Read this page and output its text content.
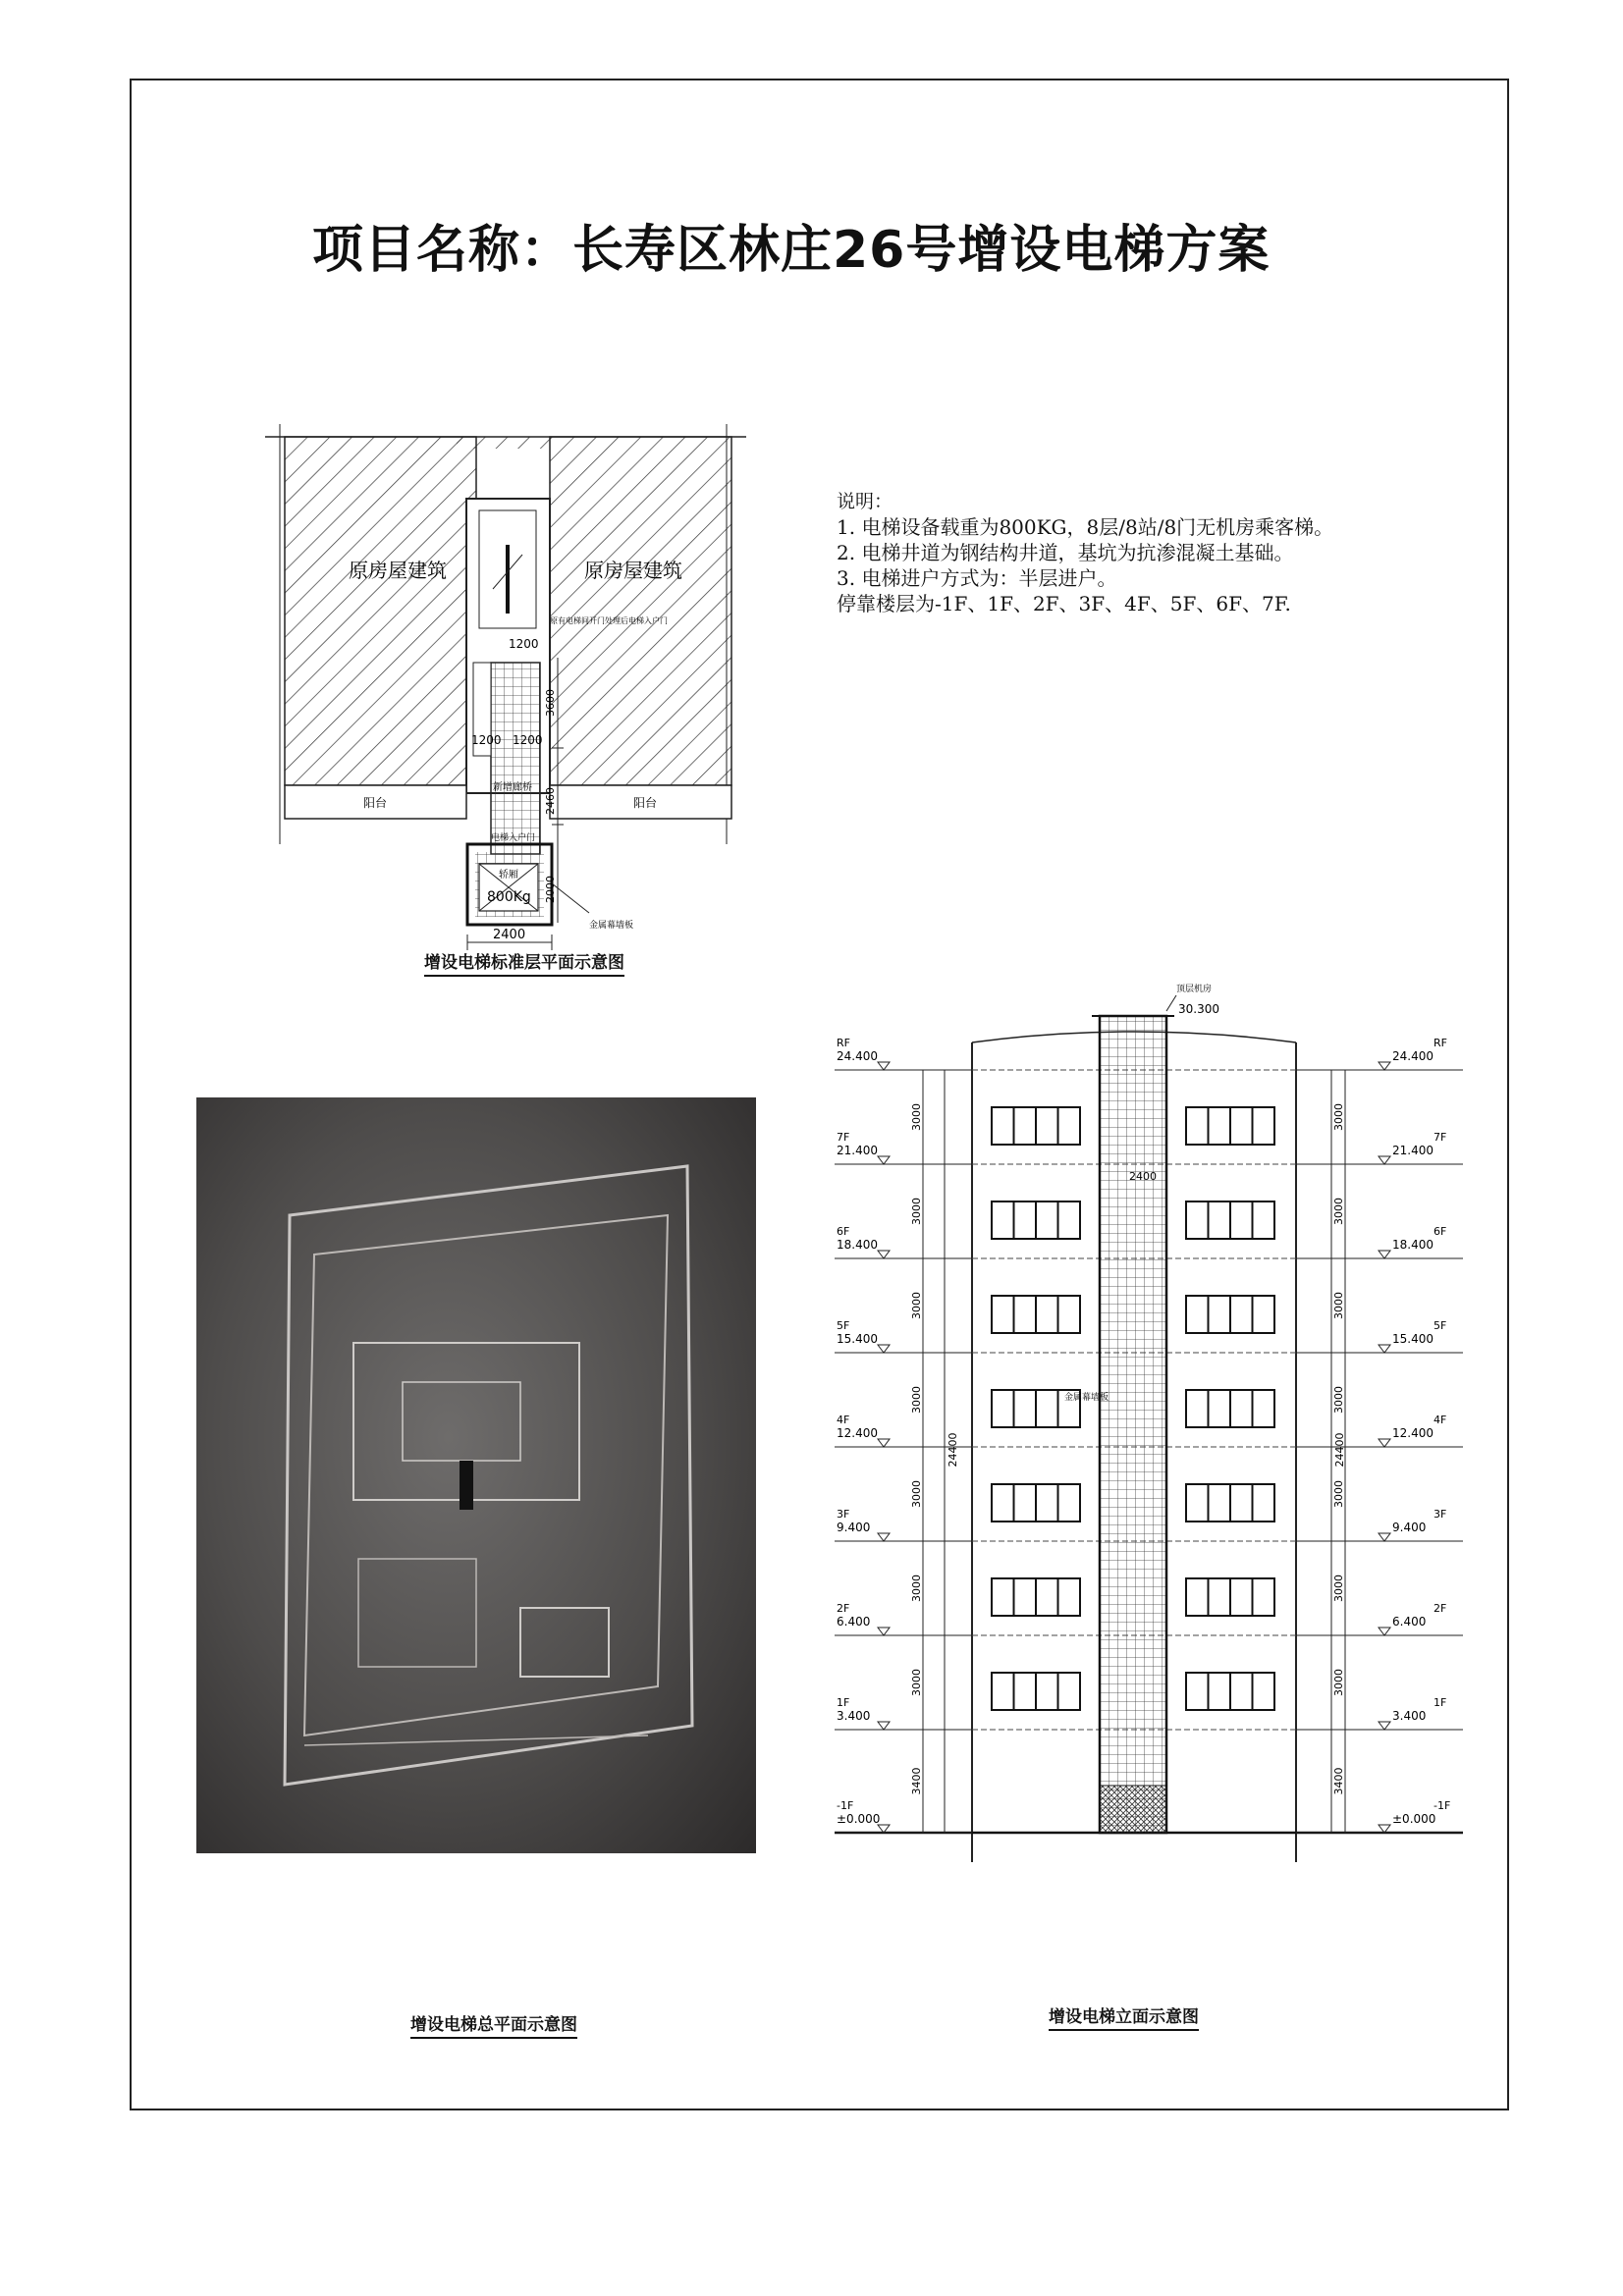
项目名称：长寿区林庄26号增设电梯方案
说明：
1. 电梯设备载重为800KG，8层/8站/8门无机房乘客梯。
2. 电梯井道为钢结构井道，基坑为抗渗混凝土基础。
3. 电梯进户方式为：半层进户。
停靠楼层为-1F、1F、2F、3F、4F、5F、6F、7F.
原房屋建筑	原房屋建筑
阳台	阳台
原有电梯间开门处理后电梯入户门
新增廊桥
电梯入户门
轿厢
800Kg
金属幕墙板
1200
1200 1200
3600
2460
2000
2400
增设电梯标准层平面示意图
增设电梯总平面示意图
30.300
顶层机房
2400
金属幕墙板
RF
24.400
RF
24.400
7F
21.400
7F
21.400
6F
18.400
6F
18.400
5F
15.400
5F
15.400
4F
12.400
4F
12.400
3F
9.400
3F
9.400
2F
6.400
2F
6.400
1F
3.400
1F
3.400
-1F
±0.000
-1F
±0.000
3000
3000
3000
3000
3000
3000
3000
3400
3000
3000
3000
3000
3000
3000
3000
3400
24400	24400
增设电梯立面示意图
